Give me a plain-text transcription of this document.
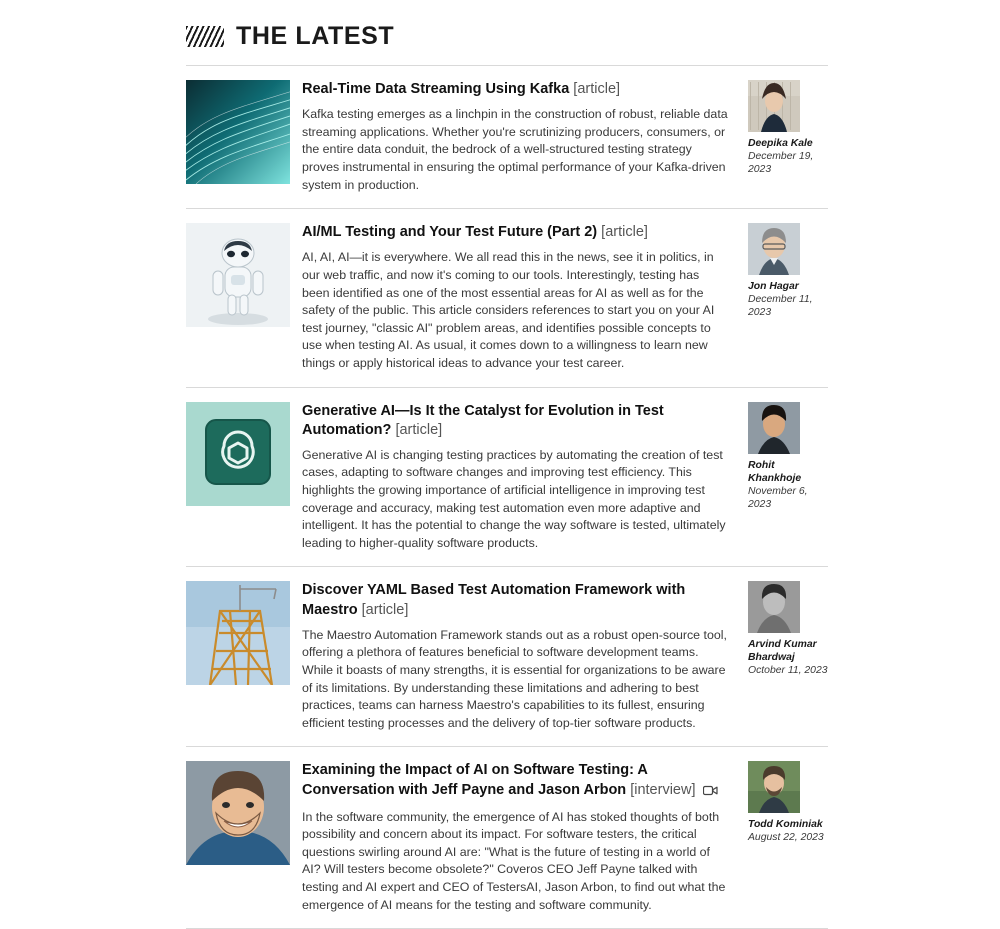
THE LATEST
Real-Time Data Streaming Using Kafka [article]

Kafka testing emerges as a linchpin in the construction of robust, reliable data streaming applications. Whether you're scrutinizing producers, consumers, or the entire data conduit, the bedrock of a well-structured testing strategy proves instrumental in ensuring the optimal performance of your Kafka-driven system in production.

Deepika Kale
December 19, 2023
AI/ML Testing and Your Test Future (Part 2) [article]

AI, AI, AI—it is everywhere. We all read this in the news, see it in politics, in our web traffic, and now it's coming to our tools. Interestingly, testing has been identified as one of the most essential areas for AI as well as for the safety of the public. This article considers references to start you on your AI test journey, "classic AI" problem areas, and identifies possible concepts to use when testing AI. As usual, it comes down to a willingness to learn new things or apply historical ideas to advance your test career.

Jon Hagar
December 11, 2023
Generative AI—Is It the Catalyst for Evolution in Test Automation? [article]

Generative AI is changing testing practices by automating the creation of test cases, adapting to software changes and improving test efficiency. This highlights the growing importance of artificial intelligence in improving test coverage and accuracy, making test automation even more adaptive and intelligent. It has the potential to change the way software is tested, ultimately leading to higher-quality software products.

Rohit Khankhoje
November 6, 2023
Discover YAML Based Test Automation Framework with Maestro [article]

The Maestro Automation Framework stands out as a robust open-source tool, offering a plethora of features beneficial to software development teams. While it boasts of many strengths, it is essential for organizations to be aware of its limitations. By understanding these limitations and adhering to best practices, teams can harness Maestro's capabilities to its fullest, ensuring efficient testing processes and the delivery of top-tier software products.

Arvind Kumar Bhardwaj
October 11, 2023
Examining the Impact of AI on Software Testing: A Conversation with Jeff Payne and Jason Arbon [interview]

In the software community, the emergence of AI has stoked thoughts of both possibility and concern about its impact. For software testers, the critical questions swirling around AI are: "What is the future of testing in a world of AI? Will testers become obsolete?" Coveros CEO Jeff Payne talked with testing and AI expert and CEO of TestersAI, Jason Arbon, to find out what the emergence of AI means for the testing and software community.

Todd Kominiak
August 22, 2023
